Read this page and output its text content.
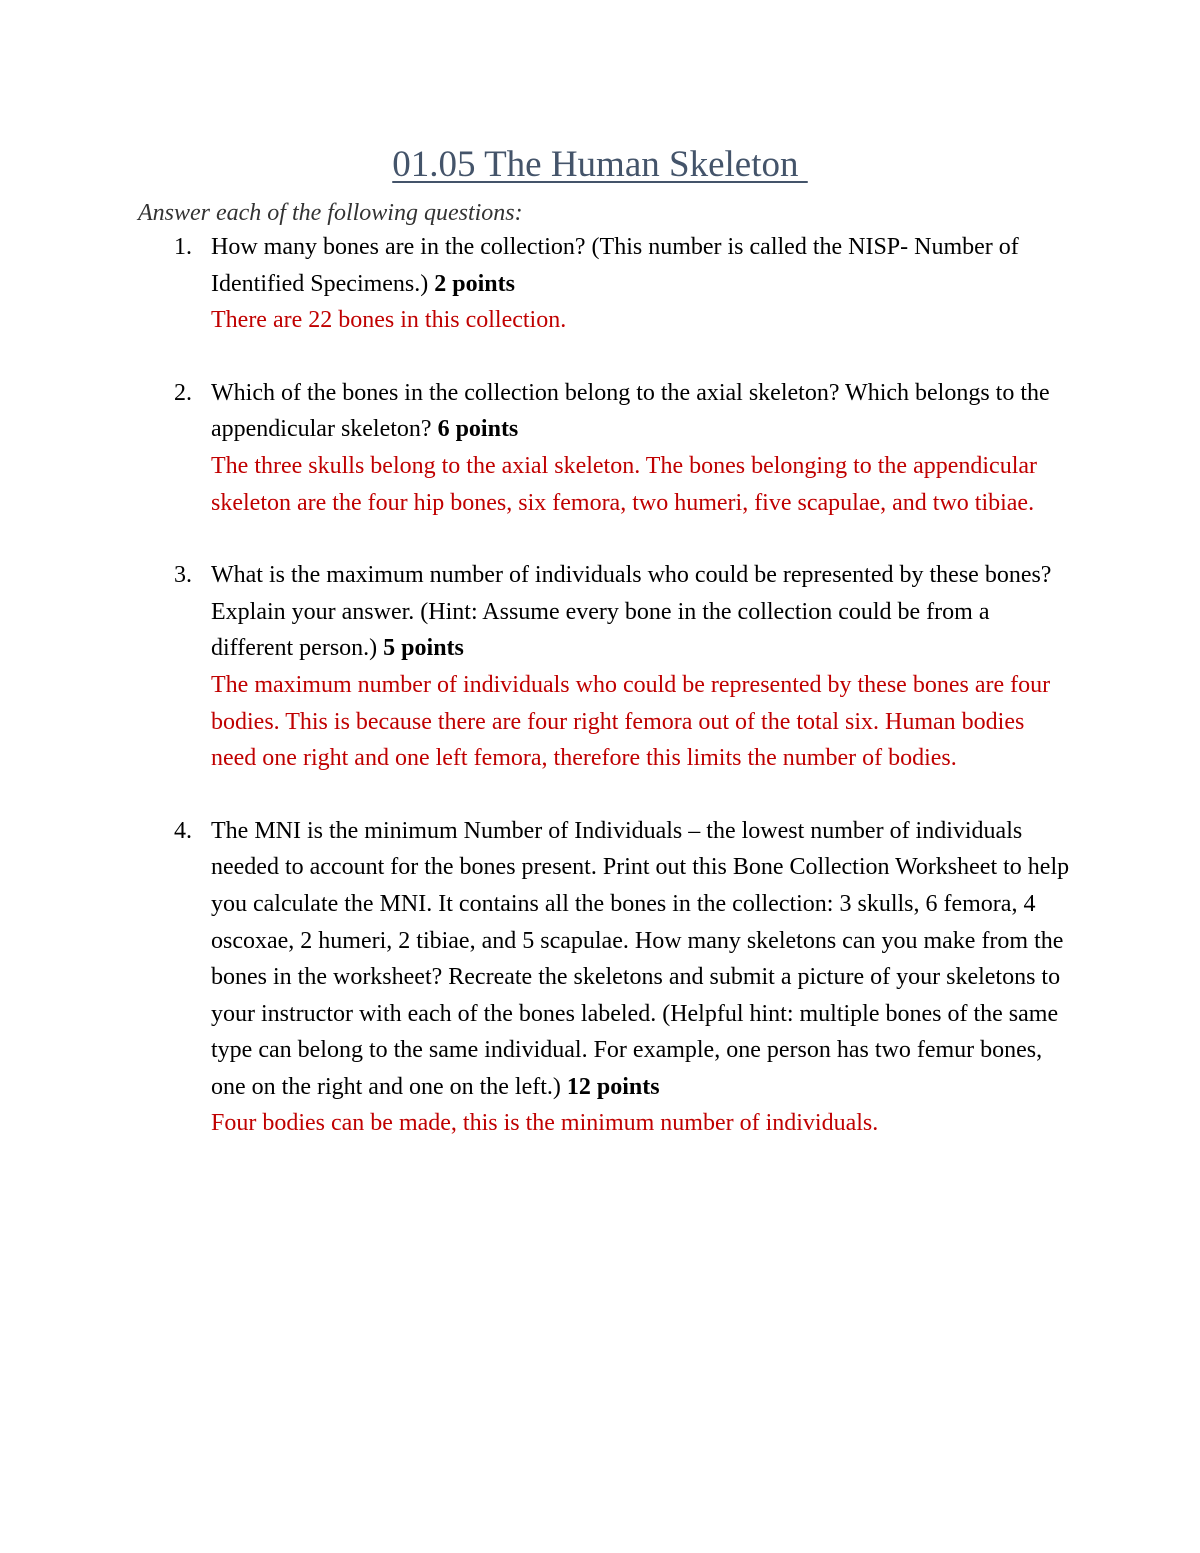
01.05 The Human Skeleton
Answer each of the following questions:
1. How many bones are in the collection? (This number is called the NISP- Number of Identified Specimens.) 2 points
There are 22 bones in this collection.
2. Which of the bones in the collection belong to the axial skeleton? Which belongs to the appendicular skeleton? 6 points
The three skulls belong to the axial skeleton. The bones belonging to the appendicular skeleton are the four hip bones, six femora, two humeri, five scapulae, and two tibiae.
3. What is the maximum number of individuals who could be represented by these bones? Explain your answer. (Hint: Assume every bone in the collection could be from a different person.) 5 points
The maximum number of individuals who could be represented by these bones are four bodies. This is because there are four right femora out of the total six. Human bodies need one right and one left femora, therefore this limits the number of bodies.
4. The MNI is the minimum Number of Individuals – the lowest number of individuals needed to account for the bones present. Print out this Bone Collection Worksheet to help you calculate the MNI. It contains all the bones in the collection: 3 skulls, 6 femora, 4 oscoxae, 2 humeri, 2 tibiae, and 5 scapulae. How many skeletons can you make from the bones in the worksheet? Recreate the skeletons and submit a picture of your skeletons to your instructor with each of the bones labeled. (Helpful hint: multiple bones of the same type can belong to the same individual. For example, one person has two femur bones, one on the right and one on the left.) 12 points
Four bodies can be made, this is the minimum number of individuals.
